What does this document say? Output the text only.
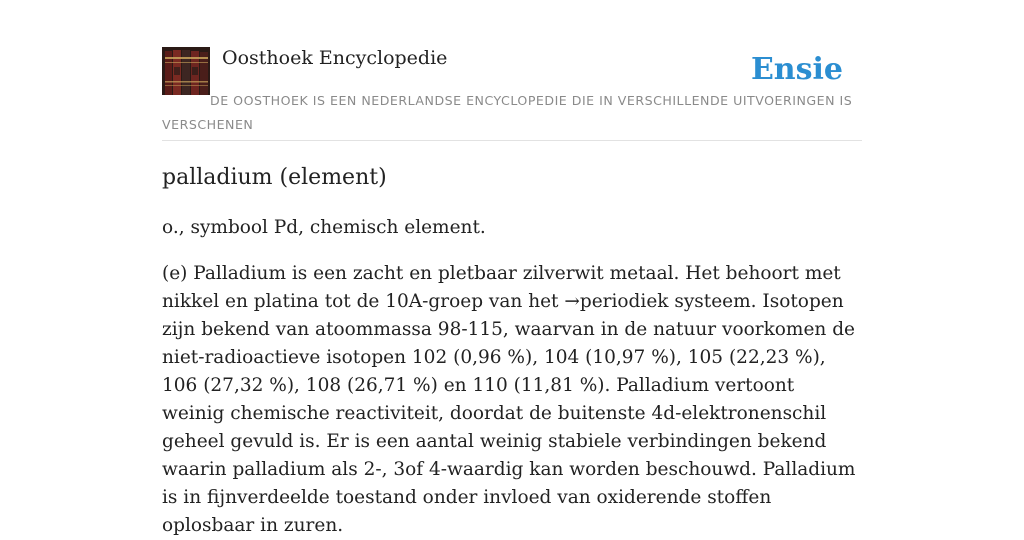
Oosthoek Encyclopedie	Ensie
DE OOSTHOEK IS EEN NEDERLANDSE ENCYCLOPEDIE DIE IN VERSCHILLENDE UITVOERINGEN IS VERSCHENEN
palladium (element)

o., symbool Pd, chemisch element.

(e) Palladium is een zacht en pletbaar zilverwit metaal. Het behoort met nikkel en platina tot de 10A-groep van het →periodiek systeem. Isotopen zijn bekend van atoommassa 98-115, waarvan in de natuur voorkomen de niet-radioactieve isotopen 102 (0,96 %), 104 (10,97 %), 105 (22,23 %), 106 (27,32 %), 108 (26,71 %) en 110 (11,81 %). Palladium vertoont weinig chemische reactiviteit, doordat de buitenste 4d-elektronenschil geheel gevuld is. Er is een aantal weinig stabiele verbindingen bekend waarin palladium als 2-, 3of 4-waardig kan worden beschouwd. Palladium is in fijnverdeelde toestand onder invloed van oxiderende stoffen oplosbaar in zuren.
